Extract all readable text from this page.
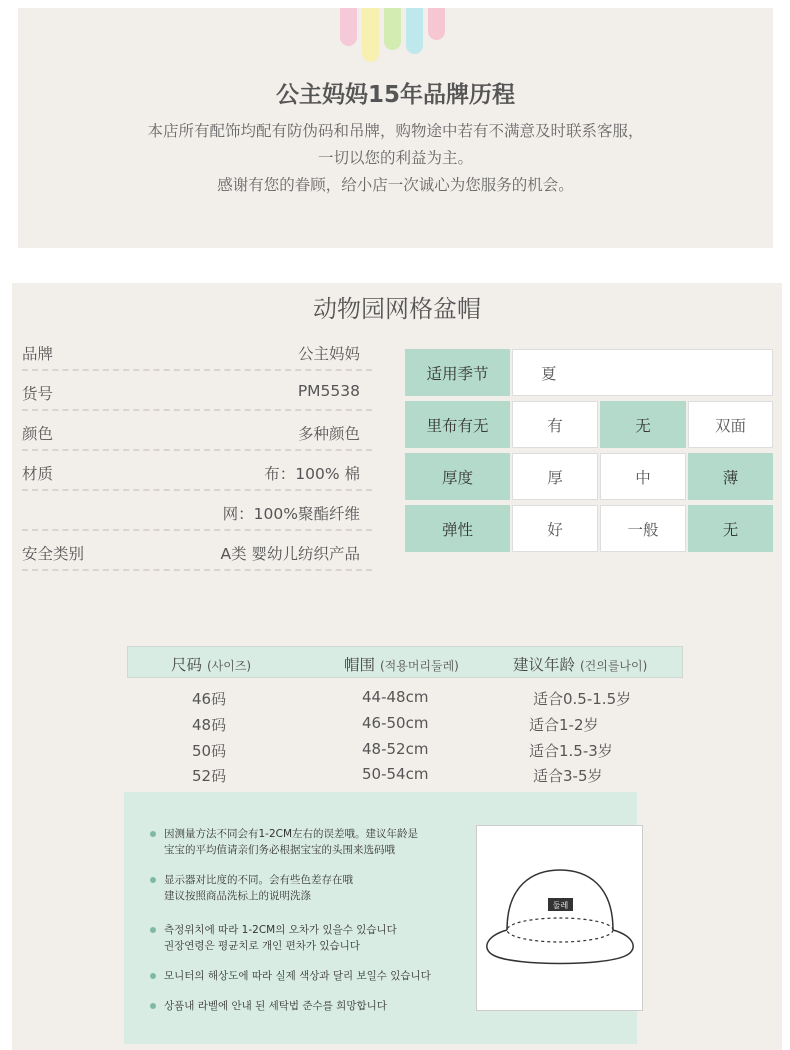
公主妈妈15年品牌历程
本店所有配饰均配有防伪码和吊牌，购物途中若有不满意及时联系客服，
一切以您的利益为主。
感谢有您的眷顾，给小店一次诚心为您服务的机会。
动物园网格盆帽
品牌	公主妈妈
货号	PM5538
颜色	多种颜色
材质	布：100% 棉
网：100%聚酯纤维
安全类别	A类 婴幼儿纺织产品
适用季节	夏
里布有无	有	无	双面
厚度	厚	中	薄
弹性	好	一般	无
尺码 (사이즈)	帽围 (적용머리둘레)	建议年龄 (건의를나이)
46码	44-48cm	适合0.5-1.5岁
48码	46-50cm	适合1-2岁
50码	48-52cm	适合1.5-3岁
52码	50-54cm	适合3-5岁
因测量方法不同会有1-2CM左右的误差哦。建议年龄是
宝宝的平均值请亲们务必根据宝宝的头围来选码哦
显示器对比度的不同。会有些色差存在哦
建议按照商品洗标上的说明洗涤
측정위치에 따라 1-2CM의 오차가 있을수 있습니다
권장연령은 평균치로 개인 편차가 있습니다
모니터의 해상도에 따라 실제 색상과 달리 보일수 있습니다
상품내 라벨에 안내 된 세탁법 준수를 희망합니다
둘레
